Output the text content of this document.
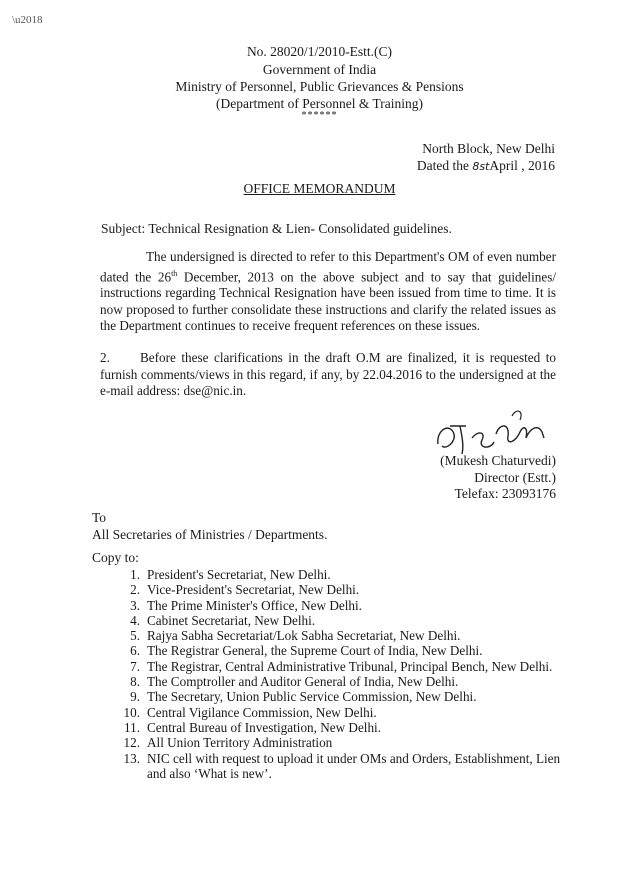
\u2018
No. 28020/1/2010-Estt.(C)
Government of India
Ministry of Personnel, Public Grievances & Pensions
(Department of Personnel & Training)
******
North Block, New Delhi
Dated the 8stApril , 2016
OFFICE MEMORANDUM
Subject: Technical Resignation & Lien- Consolidated guidelines.

The undersigned is directed to refer to this Department's OM of even number dated the 26th December, 2013 on the above subject and to say that guidelines/ instructions regarding Technical Resignation have been issued from time to time. It is now proposed to further consolidate these instructions and clarify the related issues as the Department continues to receive frequent references on these issues.

2. Before these clarifications in the draft O.M are finalized, it is requested to furnish comments/views in this regard, if any, by 22.04.2016 to the undersigned at the e-mail address: dse@nic.in.

(Mukesh Chaturvedi)
Director (Estt.)
Telefax: 23093176
To
All Secretaries of Ministries / Departments.
Copy to:
1. President's Secretariat, New Delhi.
2. Vice-President's Secretariat, New Delhi.
3. The Prime Minister's Office, New Delhi.
4. Cabinet Secretariat, New Delhi.
5. Rajya Sabha Secretariat/Lok Sabha Secretariat, New Delhi.
6. The Registrar General, the Supreme Court of India, New Delhi.
7. The Registrar, Central Administrative Tribunal, Principal Bench, New Delhi.
8. The Comptroller and Auditor General of India, New Delhi.
9. The Secretary, Union Public Service Commission, New Delhi.
10. Central Vigilance Commission, New Delhi.
11. Central Bureau of Investigation, New Delhi.
12. All Union Territory Administration
13. NIC cell with request to upload it under OMs and Orders, Establishment, Lien and also ‘What is new’.
